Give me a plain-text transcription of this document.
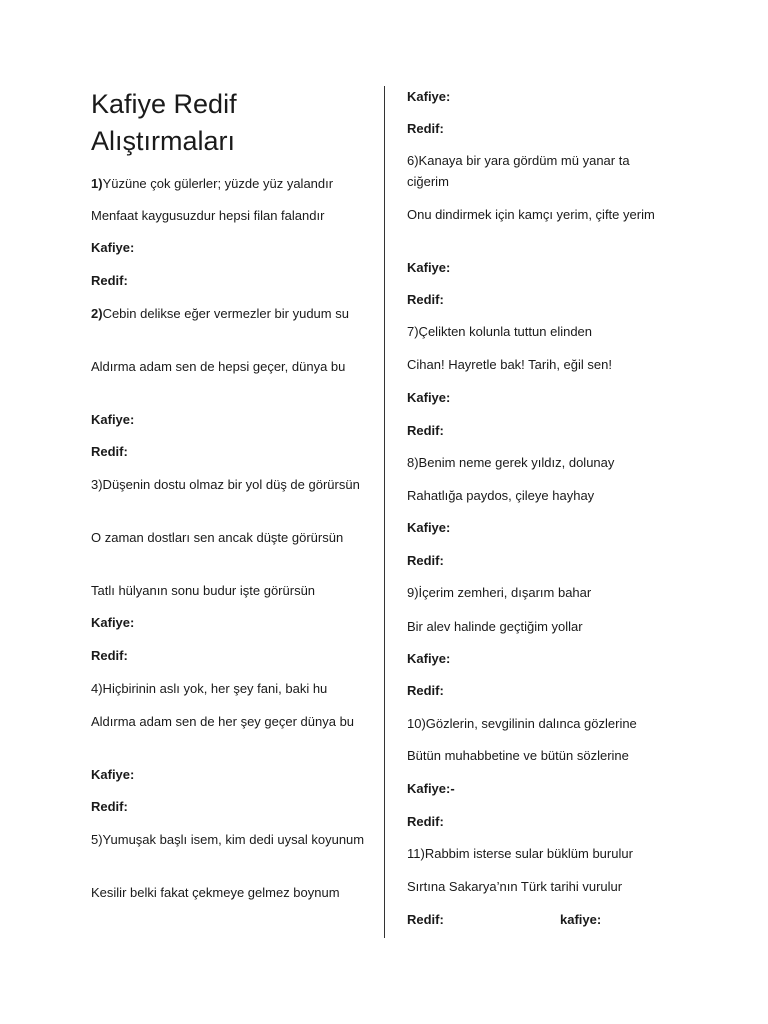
Kafiye Redif
Alıştırmaları
1)Yüzüne çok gülerler; yüzde yüz yalandır
Menfaat kaygusuzdur hepsi filan falandır
Kafiye:
Redif:
2)Cebin delikse eğer vermezler bir yudum su
Aldırma adam sen de hepsi geçer, dünya bu
Kafiye:
Redif:
3)Düşenin dostu olmaz bir yol düş de görürsün
O zaman dostları sen ancak düşte görürsün
Tatlı hülyanın sonu budur işte görürsün
Kafiye:
Redif:
4)Hiçbirinin aslı yok, her şey fani, baki hu
Aldırma adam sen de her şey geçer dünya bu
Kafiye:
Redif:
5)Yumuşak başlı isem, kim dedi uysal koyunum
Kesilir belki fakat çekmeye gelmez boynum
Kafiye:
Redif:
6)Kanaya bir yara gördüm mü yanar ta ciğerim
Onu dindirmek için kamçı yerim, çifte yerim
Kafiye:
Redif:
7)Çelikten kolunla tuttun elinden
Cihan! Hayretle bak! Tarih, eğil sen!
Kafiye:
Redif:
8)Benim neme gerek yıldız, dolunay
Rahatlığa paydos, çileye hayhay
Kafiye:
Redif:
9)İçerim zemheri, dışarım bahar
Bir alev halinde geçtiğim yollar
Kafiye:
Redif:
10)Gözlerin, sevgilinin dalınca gözlerine
Bütün muhabbetine ve bütün sözlerine
Kafiye:-
Redif:
11)Rabbim isterse sular büklüm burulur
Sırtına Sakarya’nın Türk tarihi vurulur
Redif:	kafiye:
